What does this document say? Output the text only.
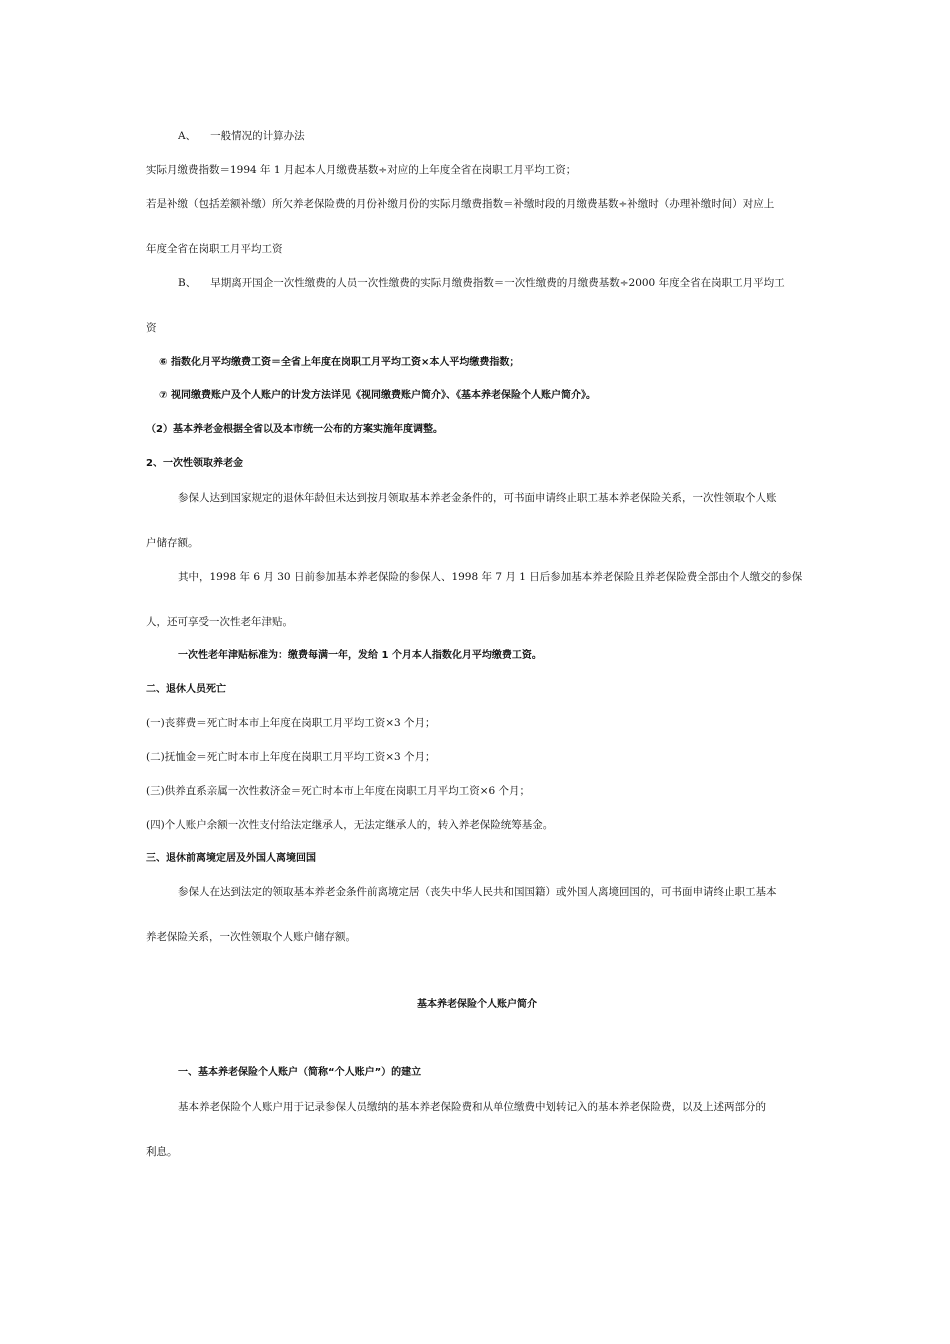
A、 一般情况的计算办法
实际月缴费指数＝1994 年 1 月起本人月缴费基数÷对应的上年度全省在岗职工月平均工资；
若是补缴（包括差额补缴）所欠养老保险费的月份补缴月份的实际月缴费指数＝补缴时段的月缴费基数÷补缴时（办理补缴时间）对应上
年度全省在岗职工月平均工资
B、 早期离开国企一次性缴费的人员一次性缴费的实际月缴费指数＝一次性缴费的月缴费基数÷2000 年度全省在岗职工月平均工
资
⑥ 指数化月平均缴费工资＝全省上年度在岗职工月平均工资×本人平均缴费指数；
⑦ 视同缴费账户及个人账户的计发方法详见《视同缴费账户简介》、《基本养老保险个人账户简介》。
（2）基本养老金根据全省以及本市统一公布的方案实施年度调整。
2、一次性领取养老金
参保人达到国家规定的退休年龄但未达到按月领取基本养老金条件的，可书面申请终止职工基本养老保险关系，一次性领取个人账
户储存额。
其中，1998 年 6 月 30 日前参加基本养老保险的参保人、1998 年 7 月 1 日后参加基本养老保险且养老保险费全部由个人缴交的参保
人，还可享受一次性老年津贴。
一次性老年津贴标准为：缴费每满一年，发给 1 个月本人指数化月平均缴费工资。
二、退休人员死亡
(一)丧葬费＝死亡时本市上年度在岗职工月平均工资×3 个月；
(二)抚恤金＝死亡时本市上年度在岗职工月平均工资×3 个月；
(三)供养直系亲属一次性救济金＝死亡时本市上年度在岗职工月平均工资×6 个月；
(四)个人账户余额一次性支付给法定继承人，无法定继承人的，转入养老保险统筹基金。
三、退休前离境定居及外国人离境回国
参保人在达到法定的领取基本养老金条件前离境定居（丧失中华人民共和国国籍）或外国人离境回国的，可书面申请终止职工基本
养老保险关系，一次性领取个人账户储存额。
基本养老保险个人账户简介
一、基本养老保险个人账户（简称“个人账户”）的建立
基本养老保险个人账户用于记录参保人员缴纳的基本养老保险费和从单位缴费中划转记入的基本养老保险费，以及上述两部分的
利息。
